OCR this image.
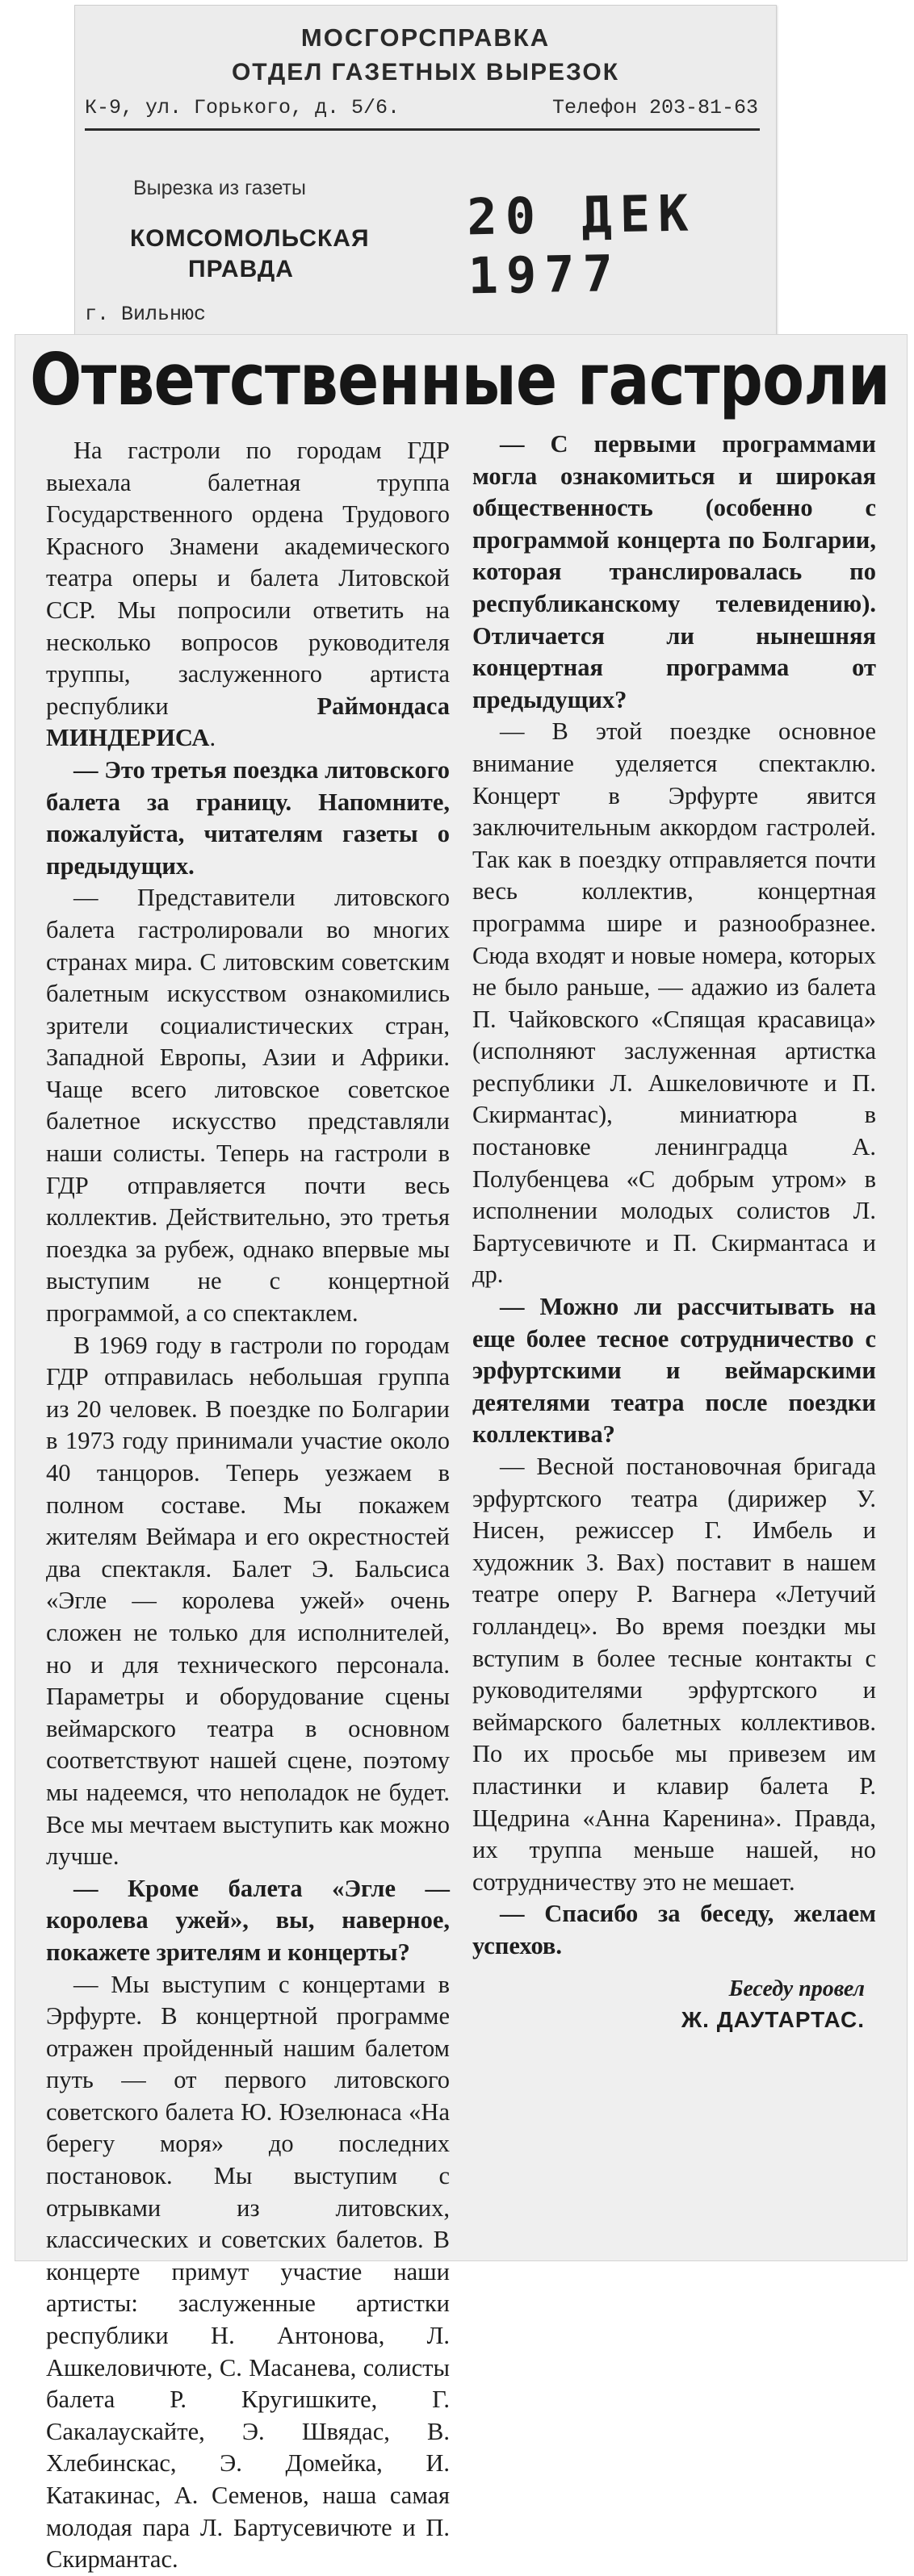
МОСГОРСПРАВКА
ОТДЕЛ ГАЗЕТНЫХ ВЫРЕЗОК
К-9, ул. Горького, д. 5/6.	Телефон 203-81-63
Вырезка из газеты
КОМСОМОЛЬСКАЯ
ПРАВДА
20 ДЕК 1977
г. Вильнюс
Ответственные гастроли

На гастроли по городам ГДР выехала балетная труппа Государственного ордена Трудового Красного Знамени академического театра оперы и балета Литовской ССР. Мы попросили ответить на несколько вопросов руководителя труппы, заслуженного артиста республики Раймондаса МИНДЕРИСА.

— Это третья поездка литовского балета за границу. Напомните, пожалуйста, читателям газеты о предыдущих.

— Представители литовского балета гастролировали во многих странах мира. С литовским советским балетным искусством ознакомились зрители социалистических стран, Западной Европы, Азии и Африки. Чаще всего литовское советское балетное искусство представляли наши солисты. Теперь на гастроли в ГДР отправляется почти весь коллектив. Действительно, это третья поездка за рубеж, однако впервые мы выступим не с концертной программой, а со спектаклем.

В 1969 году в гастроли по городам ГДР отправилась небольшая группа из 20 человек. В поездке по Болгарии в 1973 году принимали участие около 40 танцоров. Теперь уезжаем в полном составе. Мы покажем жителям Веймара и его окрестностей два спектакля. Балет Э. Бальсиса «Эгле — королева ужей» очень сложен не только для исполнителей, но и для технического персонала. Параметры и оборудование сцены веймарского театра в основном соответствуют нашей сцене, поэтому мы надеемся, что неполадок не будет. Все мы мечтаем выступить как можно лучше.

— Кроме балета «Эгле — королева ужей», вы, наверное, покажете зрителям и концерты?

— Мы выступим с концертами в Эрфурте. В концертной программе отражен пройденный нашим балетом путь — от первого литовского советского балета Ю. Юзелюнаса «На берегу моря» до последних постановок. Мы выступим с отрывками из литовских, классических и советских балетов. В концерте примут участие наши артисты: заслуженные артистки республики Н. Антонова, Л. Ашкеловичюте, С. Масанева, солисты балета Р. Кругишките, Г. Сакалаускайте, Э. Швядас, В. Хлебинскас, Э. Домейка, И. Катакинас, А. Семенов, наша самая молодая пара Л. Бартусевичюте и П. Скирмантас.

— С первыми программами могла ознакомиться и широкая общественность (особенно с программой концерта по Болгарии, которая транслировалась по республиканскому телевидению). Отличается ли нынешняя концертная программа от предыдущих?

— В этой поездке основное внимание уделяется спектаклю. Концерт в Эрфурте явится заключительным аккордом гастролей. Так как в поездку отправляется почти весь коллектив, концертная программа шире и разнообразнее. Сюда входят и новые номера, которых не было раньше, — адажио из балета П. Чайковского «Спящая красавица» (исполняют заслуженная артистка республики Л. Ашкеловичюте и П. Скирмантас), миниатюра в постановке ленинградца А. Полубенцева «С добрым утром» в исполнении молодых солистов Л. Бартусевичюте и П. Скирмантаса и др.

— Можно ли рассчитывать на еще более тесное сотрудничество с эрфуртскими и веймарскими деятелями театра после поездки коллектива?

— Весной постановочная бригада эрфуртского театра (дирижер У. Нисен, режиссер Г. Имбель и художник З. Вах) поставит в нашем театре оперу Р. Вагнера «Летучий голландец». Во время поездки мы вступим в более тесные контакты с руководителями эрфуртского и веймарского балетных коллективов. По их просьбе мы привезем им пластинки и клавир балета Р. Щедрина «Анна Каренина». Правда, их труппа меньше нашей, но сотрудничеству это не мешает.

— Спасибо за беседу, желаем успехов.

Беседу провел
Ж. ДАУТАРТАС.
